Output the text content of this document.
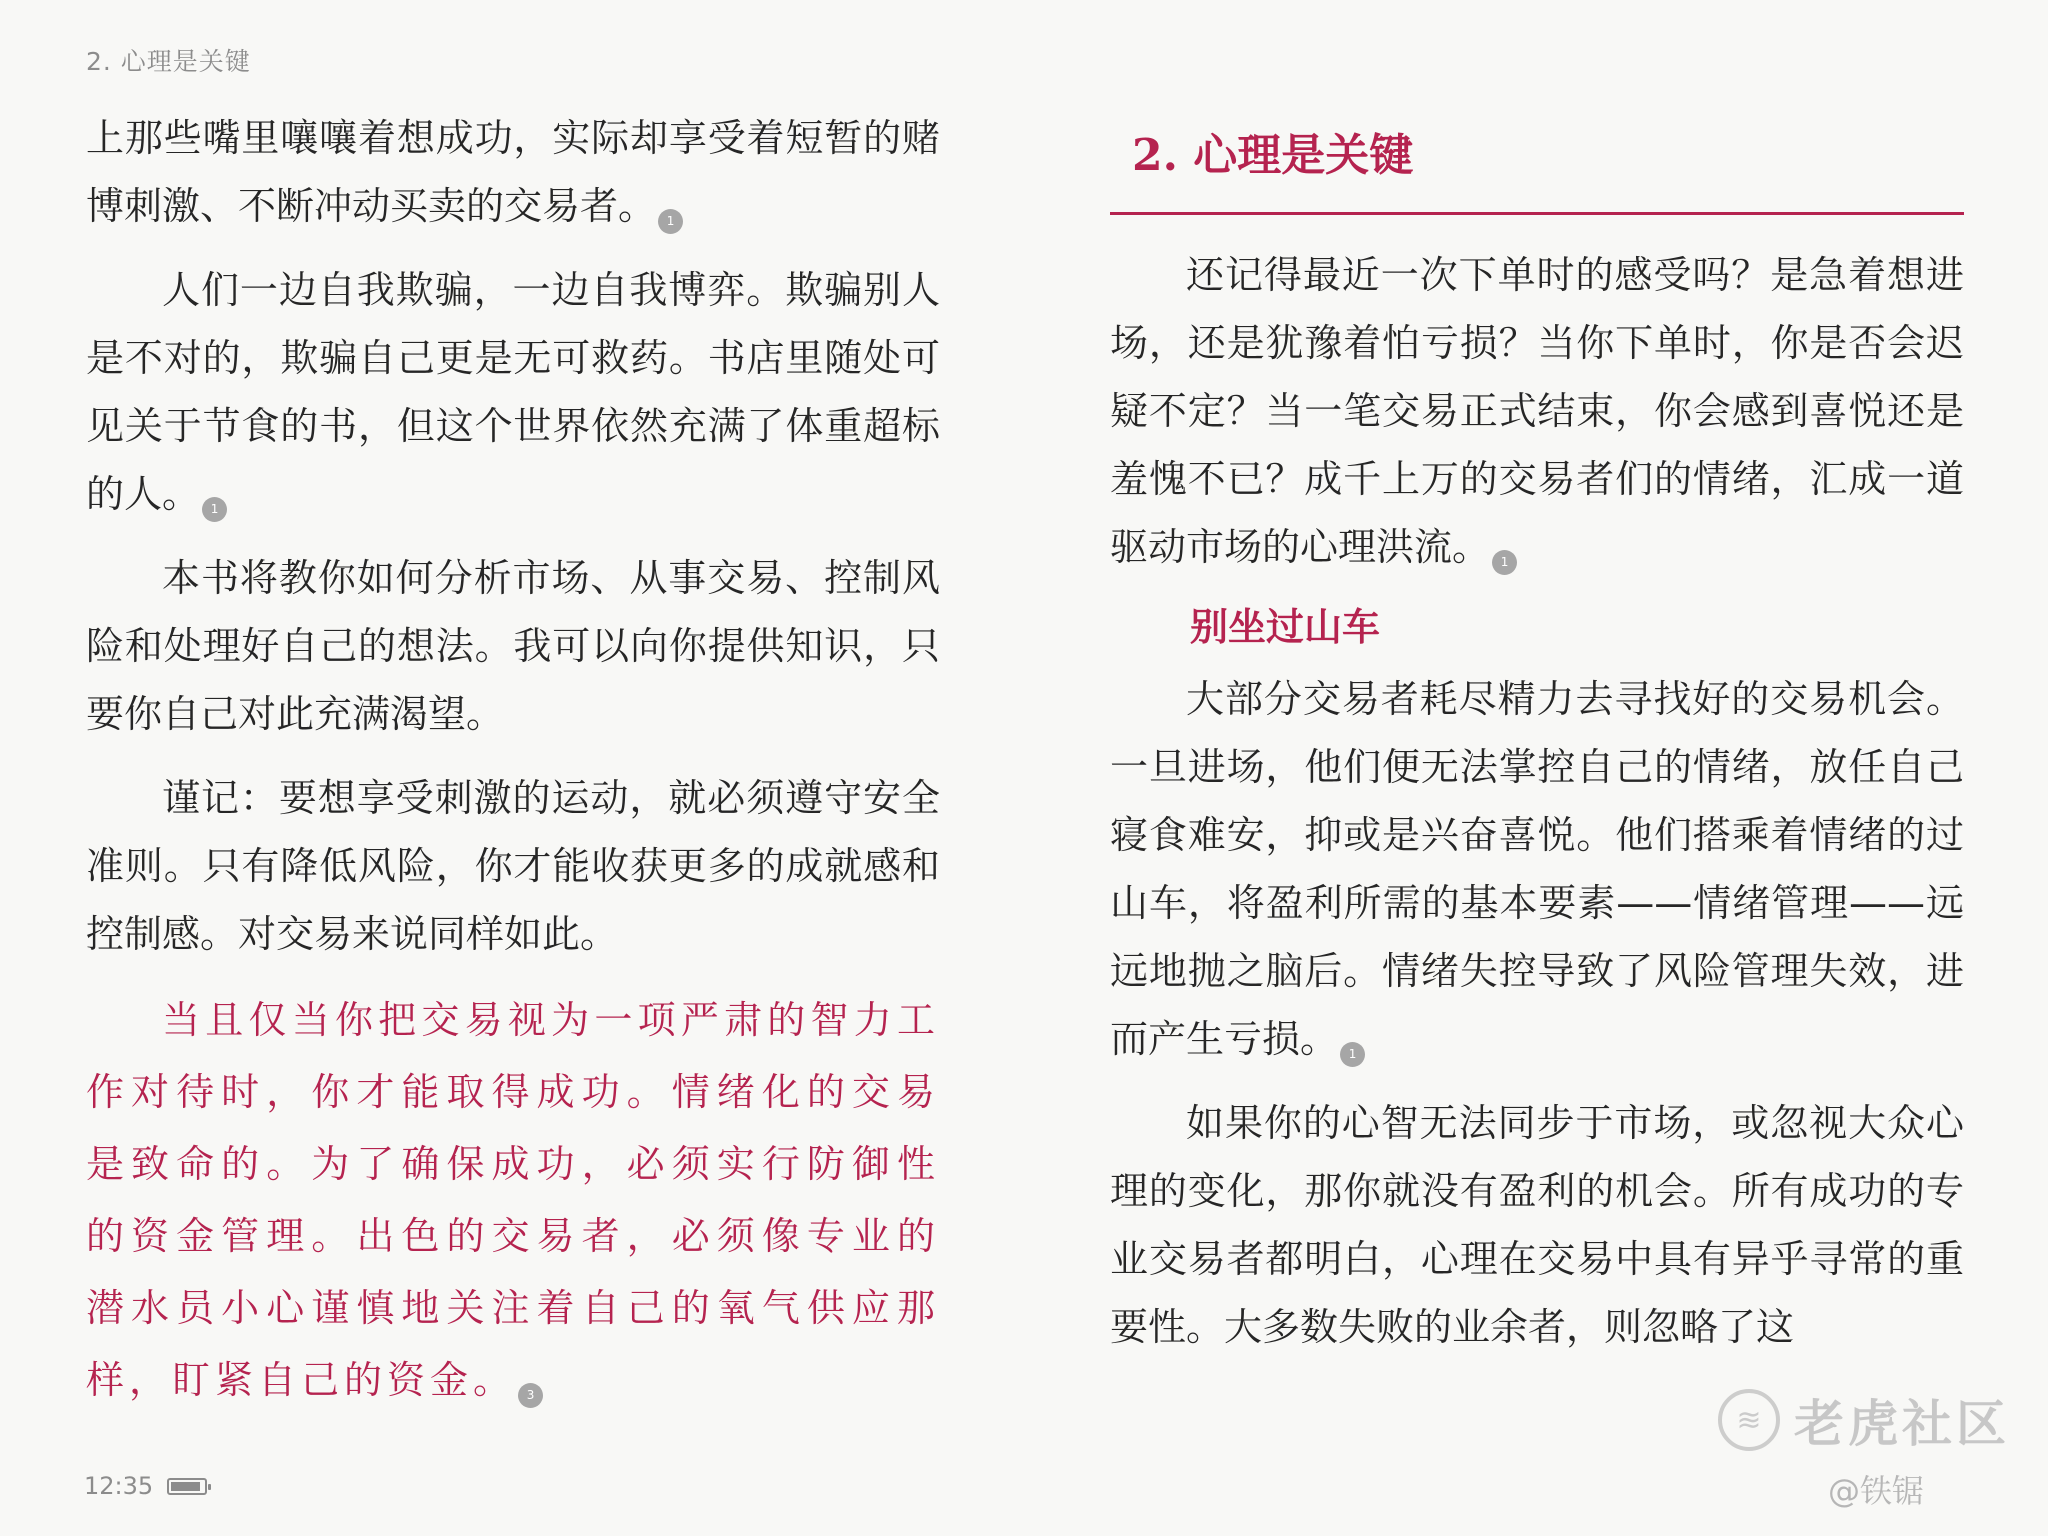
2. 心理是关键

上那些嘴里嚷嚷着想成功，实际却享受着短暂的赌博刺激、不断冲动买卖的交易者。 1

人们一边自我欺骗，一边自我博弈。欺骗别人是不对的，欺骗自己更是无可救药。书店里随处可见关于节食的书，但这个世界依然充满了体重超标的人。 1

本书将教你如何分析市场、从事交易、控制风险和处理好自己的想法。我可以向你提供知识，只要你自己对此充满渴望。

谨记：要想享受刺激的运动，就必须遵守安全准则。只有降低风险，你才能收获更多的成就感和控制感。对交易来说同样如此。

当且仅当你把交易视为一项严肃的智力工作对待时，你才能取得成功。情绪化的交易是致命的。为了确保成功，必须实行防御性的资金管理。出色的交易者，必须像专业的潜水员小心谨慎地关注着自己的氧气供应那样，盯紧自己的资金。 3

2. 心理是关键

还记得最近一次下单时的感受吗？是急着想进场，还是犹豫着怕亏损？当你下单时，你是否会迟疑不定？当一笔交易正式结束，你会感到喜悦还是羞愧不已？成千上万的交易者们的情绪，汇成一道驱动市场的心理洪流。 1

别坐过山车

大部分交易者耗尽精力去寻找好的交易机会。一旦进场，他们便无法掌控自己的情绪，放任自己寝食难安，抑或是兴奋喜悦。他们搭乘着情绪的过山车，将盈利所需的基本要素——情绪管理——远远地抛之脑后。情绪失控导致了风险管理失效，进而产生亏损。 1

如果你的心智无法同步于市场，或忽视大众心理的变化，那你就没有盈利的机会。所有成功的专业交易者都明白，心理在交易中具有异乎寻常的重要性。大多数失败的业余者，则忽略了这

12:35
≋ 老虎社区
@铁锯
